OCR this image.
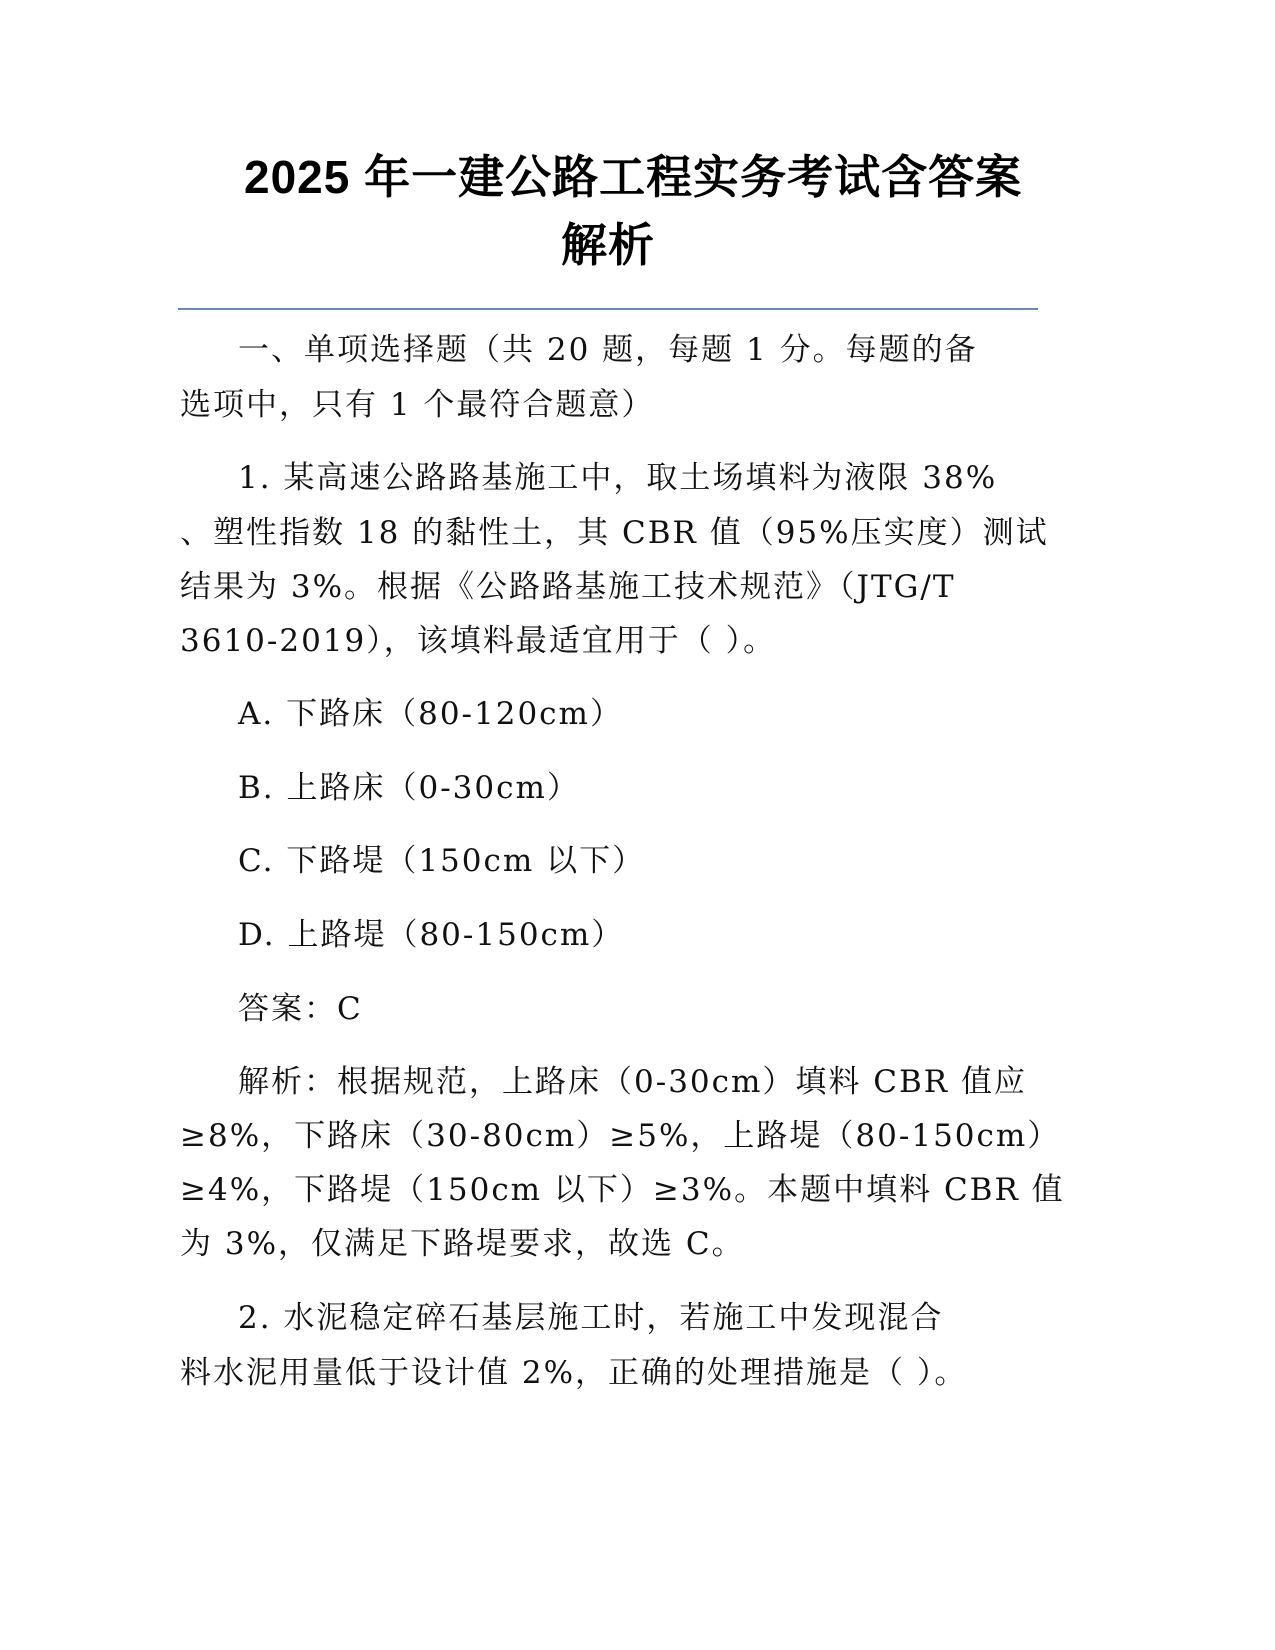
2025 年一建公路工程实务考试含答案
解析
一、单项选择题（共 20 题，每题 1 分。每题的备
选项中，只有 1 个最符合题意）
1. 某高速公路路基施工中，取土场填料为液限 38%
、塑性指数 18 的黏性土，其 CBR 值（95%压实度）测试
结果为 3%。根据《公路路基施工技术规范》（JTG/T
3610-2019），该填料最适宜用于（ ）。
A. 下路床（80-120cm）
B. 上路床（0-30cm）
C. 下路堤（150cm 以下）
D. 上路堤（80-150cm）
答案：C
解析：根据规范，上路床（0-30cm）填料 CBR 值应
≥8%，下路床（30-80cm）≥5%，上路堤（80-150cm）
≥4%，下路堤（150cm 以下）≥3%。本题中填料 CBR 值
为 3%，仅满足下路堤要求，故选 C。
2. 水泥稳定碎石基层施工时，若施工中发现混合
料水泥用量低于设计值 2%，正确的处理措施是（ ）。
